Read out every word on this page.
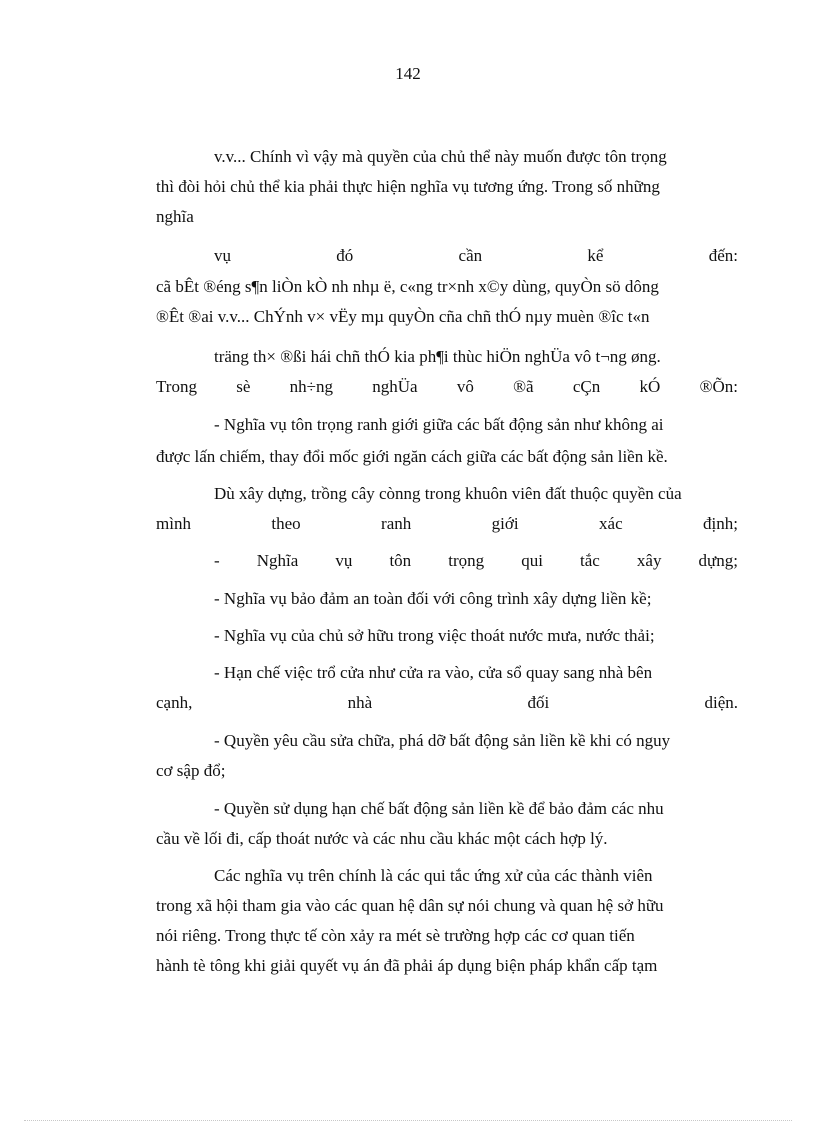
142
v.v... Chính vì vậy mà quyền của chủ thể này muốn được tôn trọng
thì đòi hỏi chủ thể kia phải thực hiện nghĩa vụ tương ứng. Trong số những
nghĩa
vụ đó cần kể đến:
cã bÊt ®éng s¶n liÒn kÒ nh nhµ ë, c«ng tr×nh x©y dùng, quyÒn sö dông
®Êt ®ai v.v... ChÝnh v× vËy mµ quyÒn cña chñ thÓ nµy muèn ®îc t«n
träng th× ®ßi hái chñ thÓ kia ph¶i thùc hiÖn nghÜa vô t¬ng øng.
Trong sè nh÷ng nghÜa vô ®ã cÇn kÓ ®Õn:
- Nghĩa vụ tôn trọng ranh giới giữa các bất động sản như không ai
được lấn chiếm, thay đổi mốc giới ngăn cách giữa các bất động sản liền kề.
Dù xây dựng, trồng cây cònng trong khuôn viên đất thuộc quyền của
mình theo ranh giới xác định;
- Nghĩa vụ tôn trọng qui tắc xây dựng;
- Nghĩa vụ bảo đảm an toàn đối với công trình xây dựng liền kề;
- Nghĩa vụ của chủ sở hữu trong việc thoát nước mưa, nước thải;
- Hạn chế việc trổ cửa như cửa ra vào, cửa sổ quay sang nhà bên
cạnh, nhà đối diện.
- Quyền yêu cầu sửa chữa, phá dỡ bất động sản liền kề khi có nguy
cơ sập đổ;
- Quyền sử dụng hạn chế bất động sản liền kề để bảo đảm các nhu
cầu về lối đi, cấp thoát nước và các nhu cầu khác một cách hợp lý.
Các nghĩa vụ trên chính là các qui tắc ứng xử của các thành viên
trong xã hội tham gia vào các quan hệ dân sự nói chung và quan hệ sở hữu
nói riêng. Trong thực tế còn xảy ra mét sè trường hợp các cơ quan tiến
hành tè tông khi giải quyết vụ án đã phải áp dụng biện pháp khẩn cấp tạm
